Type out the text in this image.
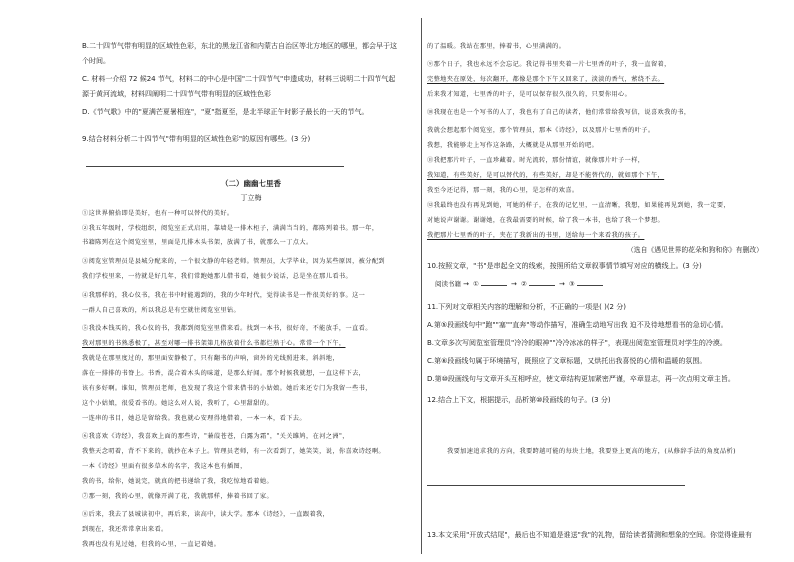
B.二十四节气带有明显的区域性色彩，东北的黑龙江省和内蒙古自治区等北方地区的哪里，都会早于这
个时间。
C. 材料一介绍 72 候24 节气，材料二的中心是中国"二十四节气"申遗成功，材料三说明二十四节气起
源于黄河流域，材料四阐明二十四节气带有明显的区域性色彩
D.《节气歌》中的"夏满芒夏暑相连"，"夏"指夏至，是北半球正午时影子最长的一天的节气。
9.结合材料分析二十四节气"带有明显的区域性色彩"的原因有哪些。(3 分)
（二）幽幽七里香
丁立梅
①这世界俯拾即是美好，也有一种可以替代的美好。
②我五年级时，学校组织，阅览室正式启用，靠墙是一排木柜子，满满当当的，都陈列着书。那一年，
书籍陈列在这个阅览室里，里面是几排木头书架，放满了书，就那么一丁点大。
③阅览室管理员是县城分配来的，一个很文静的年轻老师。管理员，大学毕业，因为某些原因，被分配到
我们学校里来，一待就是好几年，我们常跑她那儿借书看，她很少说话，总是坐在那儿看书。
④我那样的，我心仪书，我在书中时能遇到的，我的少年时代，觉得读书是一件很美好的事。这一
一群人自己喜欢的，所以我总是有空就往阅览室里钻。
⑤我没本钱买的，我心仪的书，我都到阅览室里借来看。找到一本书，很好奇，不能放手，一直看。
我对那里的书熟悉极了，甚至对哪一排书架第几格放着什么书都烂熟于心。常常一个下午，
我就是在那里度过的，那里面安静极了，只有翻书的声响，窗外的光线照进来，斜斜地，
落在一排排的书脊上。书香，混合着木头的味道，是那么好闻。那个时候我就想，一直这样下去，
该有多好啊。谁知，管理员老师，也发现了我这个常来借书的小姑娘。她后来还专门为我留一些书，
这个小姑娘，很爱看书的。她这么对人说，我听了，心里甜甜的。
一连串的书目，她总是留给我。我也就心安理得地借着，一本一本，看下去。
⑥我喜欢《诗经》，我喜欢上面的那些诗，"蒹葭苍苍，白露为霜"，"关关雎鸠，在河之洲"，
我整天念叨着，背不下来的，就抄在本子上。管理员老师，有一次看到了，她笑笑，说，你喜欢诗经啊。
一本《诗经》里面有很多草木的名字，我这本也有插图，
我的书，给你，她说完，就真的把书递给了我，我吃惊地看着她。
⑦那一刻，我的心里，就像开满了花，我就那样，捧着书回了家。
⑧后来，我去了县城读初中，再后来，读高中，读大学。那本《诗经》，一直跟着我，
到现在，我还常常拿出来看。
我再也没有见过她，但我的心里，一直记着她。
的了温暖。我站在那里，捧着书，心里满满的。
⑨那个日子，我也永远不会忘记。我记得书里夹着一片七里香的叶子，我一直留着，
完整地夹在原处，每次翻开，都像是那个下午又回来了，淡淡的香气，萦绕不去。
后来我才知道，七里香的叶子，是可以保存很久很久的，只要你用心。
⑩我现在也是一个写书的人了，我也有了自己的读者，他们常常给我写信，说喜欢我的书，
我就会想起那个阅览室，那个管理员，那本《诗经》，以及那片七里香的叶子。
我想，我能够走上写作这条路，大概就是从那里开始的吧。
⑪我把那片叶子，一直珍藏着。时光流转，那份情谊，就像那片叶子一样，
我知道，有些美好，是可以替代的，有些美好，却是不能替代的，就如那个下午，
我至今还记得，那一刻，我的心里，是怎样的欢喜。
⑫我最终也没有再见到她，可她的样子，在我的记忆里，一直清晰，我想，如果能再见到她，我一定要，
对她说声谢谢。谢谢她，在我最需要的时候，给了我一本书，也给了我一个梦想。
我把那片七里香的叶子，夹在了我新出的书里，送给每一个来看我的孩子。
（选自《遇见世界的花朵和狗和你》有删改）
10.按照文章，"书"是串起全文的线索，按照所给文章叙事情节填写对应的横线上。(3 分)
阅读书籍 → ①	→ ②	→ ③
11.下列对文章相关内容的理解和分析，不正确的一项是( )(2 分)
A.第⑤段画线句中"跑""塞""直奔"等动作描写，准确生动地写出我 迫不及待地想看书的急切心情。
B.文章多次写阅览室管理员"冷冷的眼神""冷冷冰冰的样子"，表现出阅览室管理员对学生的冷漠。
C.第⑥段画线句属于环境描写，既照应了文章标题，又烘托出我喜悦的心情和温暖的氛围。
D.第⑩段画线句与文章开头互相呼应，使文章结构更加紧密严谨，卒章显志，再一次点明文章主旨。
12.结合上下文，根据提示，品析第⑩段画线的句子。(3 分)
我要加速追求我的方向，我要跨越可能的每块土地，我要登上更高的地方，(从修辞手法的角度品析)
13.本文采用"开放式结尾"，最后也不知道是谁送"我"的礼物，留给读者猜测和想象的空间。你觉得谁最有
